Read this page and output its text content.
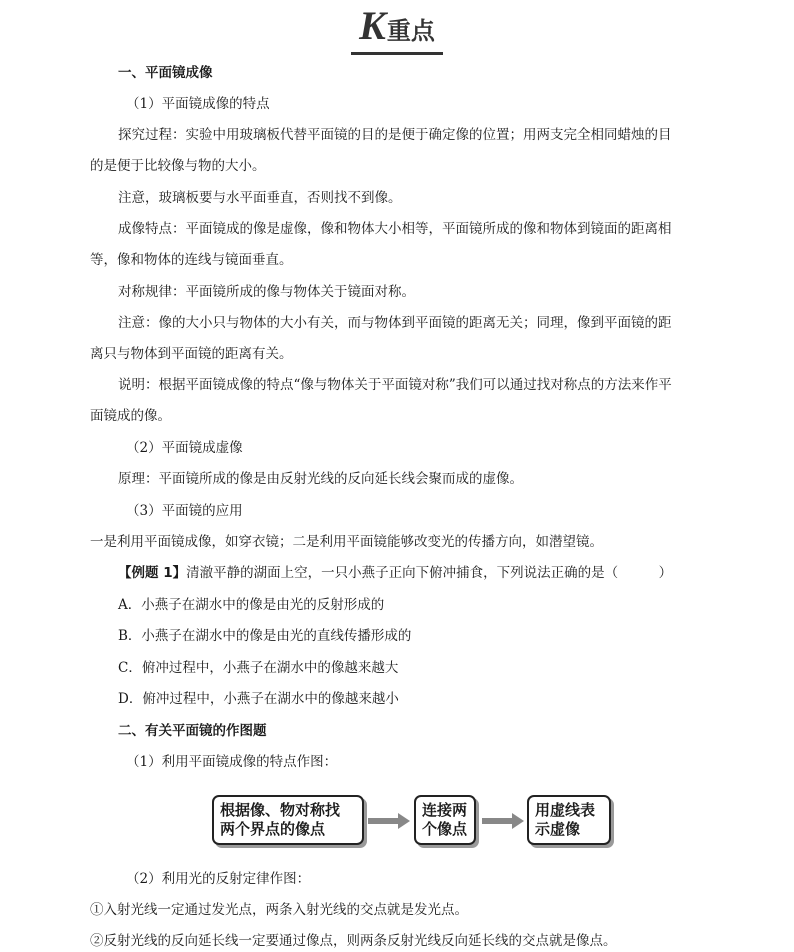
K重点
一、平面镜成像
（1）平面镜成像的特点
探究过程：实验中用玻璃板代替平面镜的目的是便于确定像的位置；用两支完全相同蜡烛的目
的是便于比较像与物的大小。
注意，玻璃板要与水平面垂直，否则找不到像。
成像特点：平面镜成的像是虚像，像和物体大小相等，平面镜所成的像和物体到镜面的距离相
等，像和物体的连线与镜面垂直。
对称规律：平面镜所成的像与物体关于镜面对称。
注意：像的大小只与物体的大小有关，而与物体到平面镜的距离无关；同理，像到平面镜的距
离只与物体到平面镜的距离有关。
说明：根据平面镜成像的特点“像与物体关于平面镜对称”我们可以通过找对称点的方法来作平
面镜成的像。
（2）平面镜成虚像
原理：平面镜所成的像是由反射光线的反向延长线会聚而成的虚像。
（3）平面镜的应用
一是利用平面镜成像，如穿衣镜；二是利用平面镜能够改变光的传播方向，如潜望镜。
【例题 1】清澈平静的湖面上空，一只小燕子正向下俯冲捕食，下列说法正确的是（　　　）
A．小燕子在湖水中的像是由光的反射形成的
B．小燕子在湖水中的像是由光的直线传播形成的
C．俯冲过程中，小燕子在湖水中的像越来越大
D．俯冲过程中，小燕子在湖水中的像越来越小
二、有关平面镜的作图题
（1）利用平面镜成像的特点作图：
根据像、物对称找
两个界点的像点
连接两
个像点
用虚线表
示虚像
（2）利用光的反射定律作图：
①入射光线一定通过发光点，两条入射光线的交点就是发光点。
②反射光线的反向延长线一定要通过像点，则两条反射光线反向延长线的交点就是像点。
